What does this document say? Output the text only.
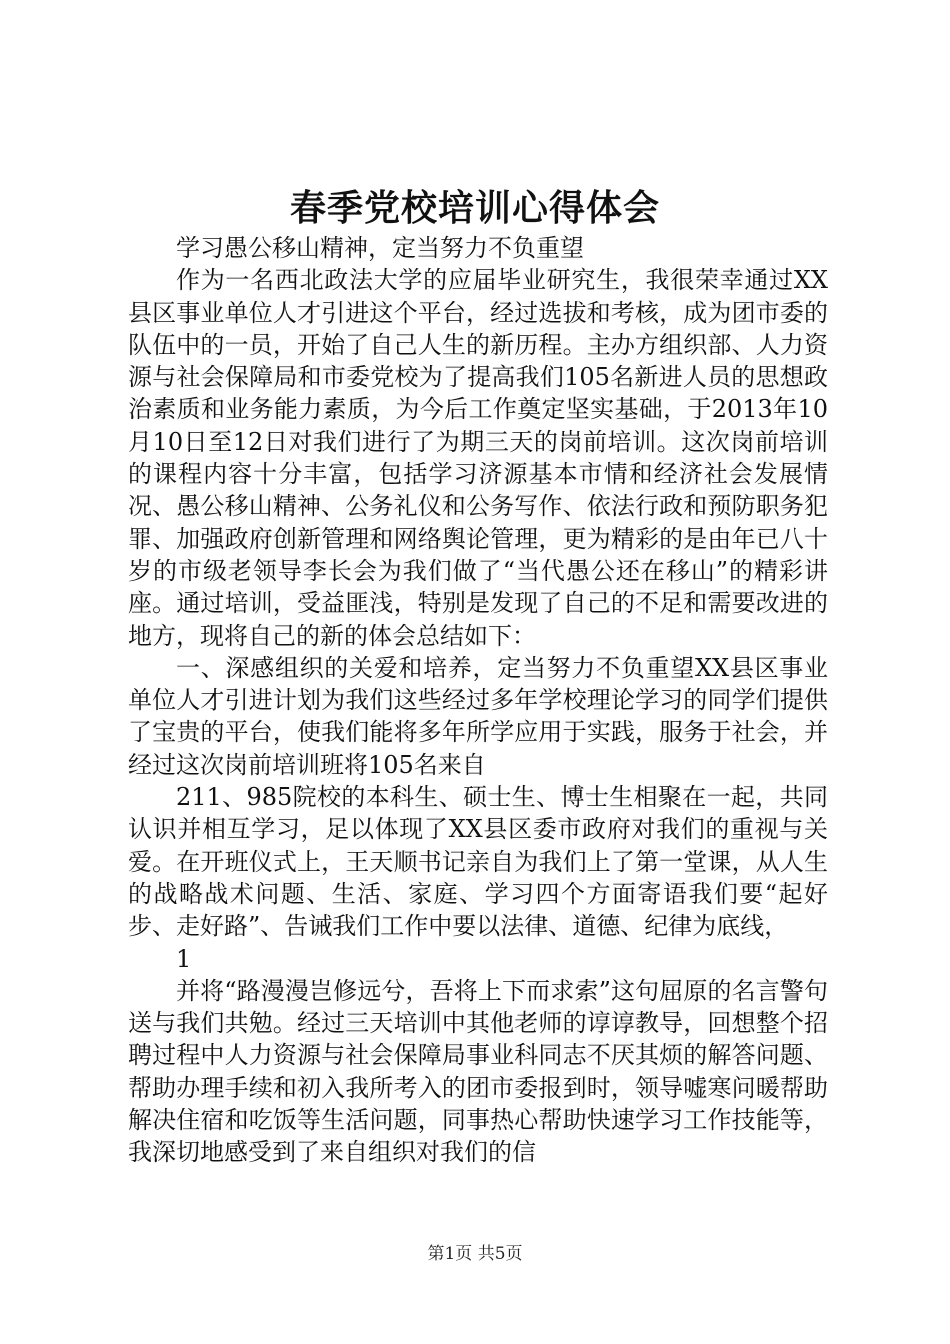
春季党校培训心得体会

学习愚公移山精神，定当努力不负重望

作为一名西北政法大学的应届毕业研究生，我很荣幸通过XX县区事业单位人才引进这个平台，经过选拔和考核，成为团市委的队伍中的一员，开始了自己人生的新历程。主办方组织部、人力资源与社会保障局和市委党校为了提高我们105名新进人员的思想政治素质和业务能力素质，为今后工作奠定坚实基础，于2013年10月10日至12日对我们进行了为期三天的岗前培训。这次岗前培训的课程内容十分丰富，包括学习济源基本市情和经济社会发展情况、愚公移山精神、公务礼仪和公务写作、依法行政和预防职务犯罪、加强政府创新管理和网络舆论管理，更为精彩的是由年已八十岁的市级老领导李长会为我们做了“当代愚公还在移山”的精彩讲座。通过培训，受益匪浅，特别是发现了自己的不足和需要改进的地方，现将自己的新的体会总结如下：

一、深感组织的关爱和培养，定当努力不负重望XX县区事业单位人才引进计划为我们这些经过多年学校理论学习的同学们提供了宝贵的平台，使我们能将多年所学应用于实践，服务于社会，并经过这次岗前培训班将105名来自

211、985院校的本科生、硕士生、博士生相聚在一起，共同认识并相互学习，足以体现了XX县区委市政府对我们的重视与关爱。在开班仪式上，王天顺书记亲自为我们上了第一堂课，从人生的战略战术问题、生活、家庭、学习四个方面寄语我们要“起好步、走好路”、告诫我们工作中要以法律、道德、纪律为底线，

1

并将“路漫漫岂修远兮，吾将上下而求索”这句屈原的名言警句送与我们共勉。经过三天培训中其他老师的谆谆教导，回想整个招聘过程中人力资源与社会保障局事业科同志不厌其烦的解答问题、帮助办理手续和初入我所考入的团市委报到时，领导嘘寒问暖帮助解决住宿和吃饭等生活问题，同事热心帮助快速学习工作技能等，我深切地感受到了来自组织对我们的信

第1页 共5页
